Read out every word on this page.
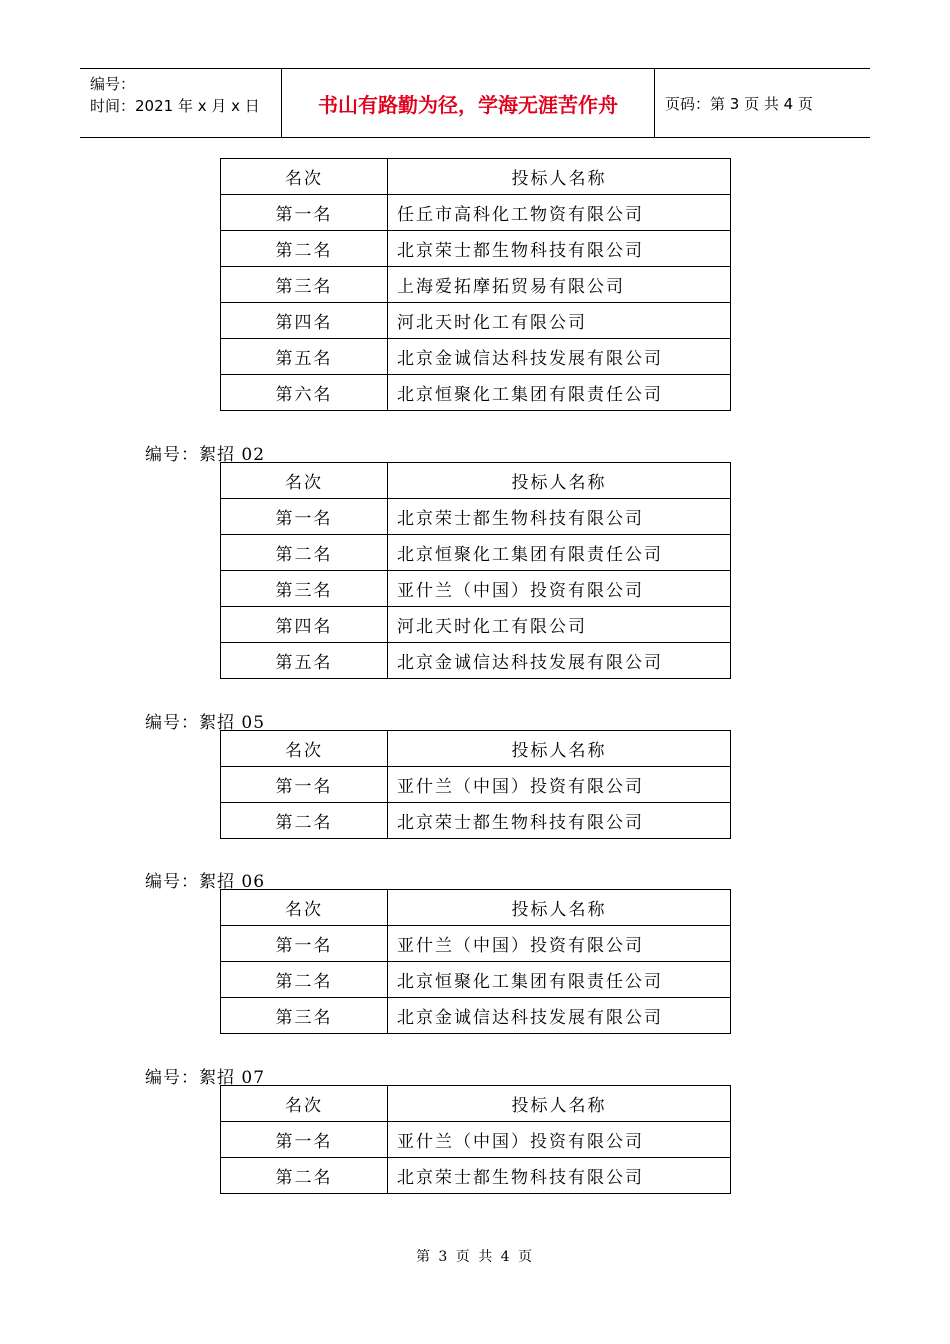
编号：
时间：2021 年 x 月 x 日	书山有路勤为径，学海无涯苦作舟	页码：第 3 页 共 4 页
名次	投标人名称
第一名	任丘市高科化工物资有限公司
第二名	北京荣士都生物科技有限公司
第三名	上海爱拓摩拓贸易有限公司
第四名	河北天时化工有限公司
第五名	北京金诚信达科技发展有限公司
第六名	北京恒聚化工集团有限责任公司
编号：絮招 02
名次	投标人名称
第一名	北京荣士都生物科技有限公司
第二名	北京恒聚化工集团有限责任公司
第三名	亚什兰（中国）投资有限公司
第四名	河北天时化工有限公司
第五名	北京金诚信达科技发展有限公司
编号：絮招 05
名次	投标人名称
第一名	亚什兰（中国）投资有限公司
第二名	北京荣士都生物科技有限公司
编号：絮招 06
名次	投标人名称
第一名	亚什兰（中国）投资有限公司
第二名	北京恒聚化工集团有限责任公司
第三名	北京金诚信达科技发展有限公司
编号：絮招 07
名次	投标人名称
第一名	亚什兰（中国）投资有限公司
第二名	北京荣士都生物科技有限公司
第 3 页 共 4 页
